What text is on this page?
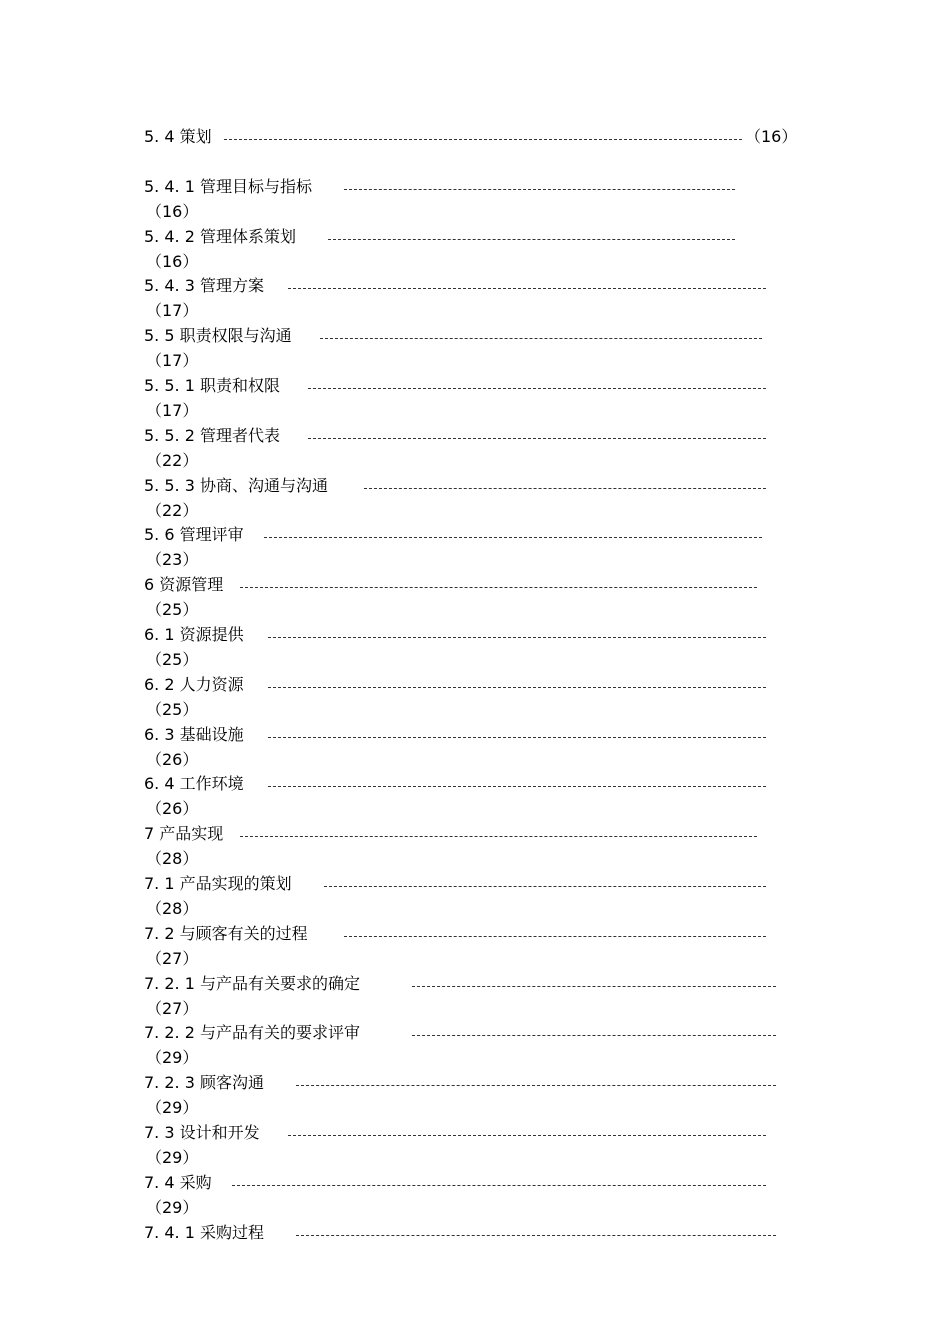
5. 4 策划	（16）
5. 4. 1 管理目标与指标
（16）
5. 4. 2 管理体系策划
（16）
5. 4. 3 管理方案
（17）
5. 5 职责权限与沟通
（17）
5. 5. 1 职责和权限
（17）
5. 5. 2 管理者代表
（22）
5. 5. 3 协商、沟通与沟通
（22）
5. 6 管理评审
（23）
6 资源管理
（25）
6. 1 资源提供
（25）
6. 2 人力资源
（25）
6. 3 基础设施
（26）
6. 4 工作环境
（26）
7 产品实现
（28）
7. 1 产品实现的策划
（28）
7. 2 与顾客有关的过程
（27）
7. 2. 1 与产品有关要求的确定
（27）
7. 2. 2 与产品有关的要求评审
（29）
7. 2. 3 顾客沟通
（29）
7. 3 设计和开发
（29）
7. 4 采购
（29）
7. 4. 1 采购过程
